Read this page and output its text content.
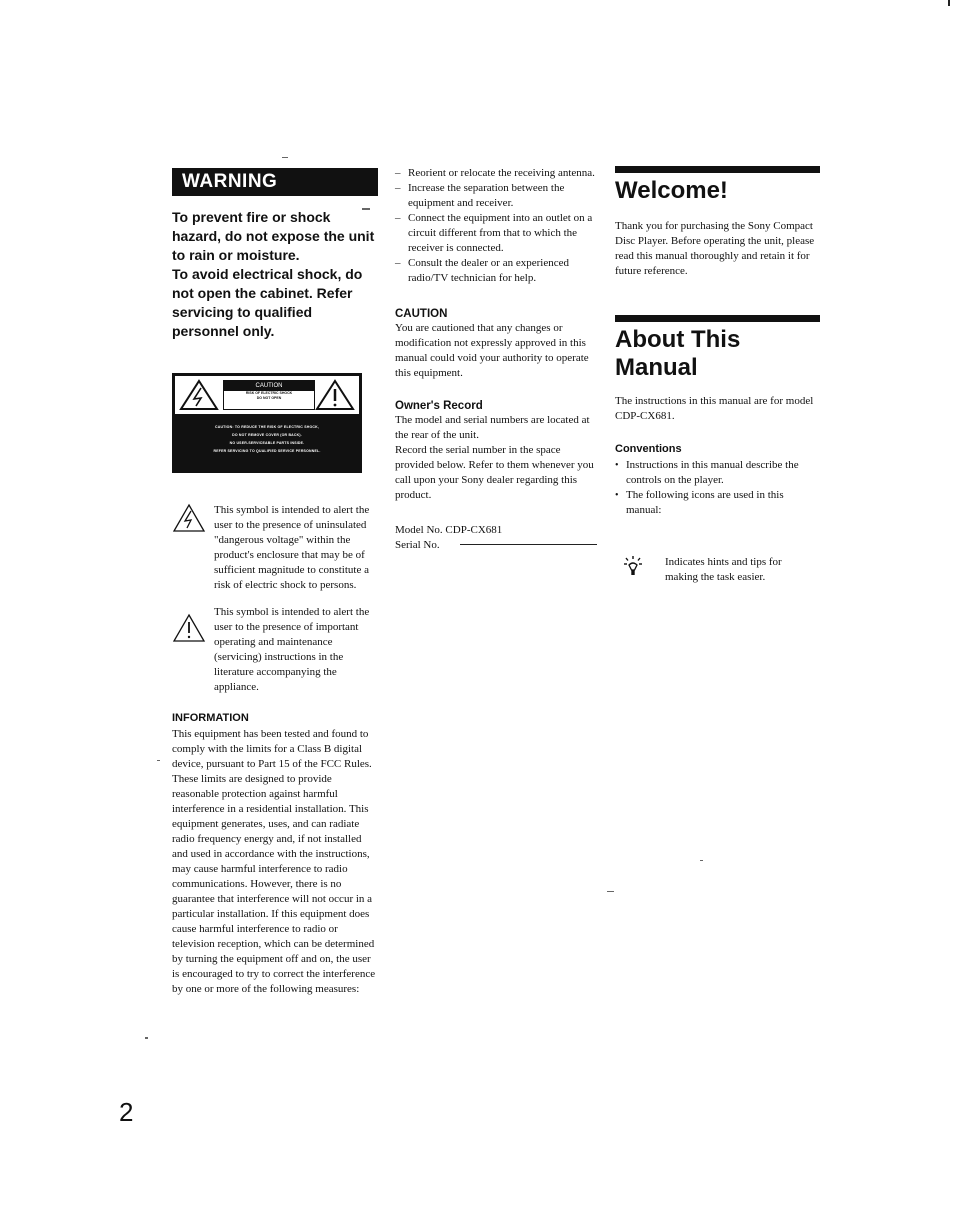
WARNING

To prevent fire or shock hazard, do not expose the unit to rain or moisture.

To avoid electrical shock, do not open the cabinet. Refer servicing to qualified personnel only.

CAUTION
RISK OF ELECTRIC SHOCK
DO NOT OPEN
CAUTION: TO REDUCE THE RISK OF ELECTRIC SHOCK,
DO NOT REMOVE COVER (OR BACK).
NO USER-SERVICEABLE PARTS INSIDE.
REFER SERVICING TO QUALIFIED SERVICE PERSONNEL.
This symbol is intended to alert the user to the presence of uninsulated "dangerous voltage" within the product's enclosure that may be of sufficient magnitude to constitute a risk of electric shock to persons.
This symbol is intended to alert the user to the presence of important operating and maintenance (servicing) instructions in the literature accompanying the appliance.
INFORMATION
This equipment has been tested and found to comply with the limits for a Class B digital device, pursuant to Part 15 of the FCC Rules. These limits are designed to provide reasonable protection against harmful interference in a residential installation. This equipment generates, uses, and can radiate radio frequency energy and, if not installed and used in accordance with the instructions, may cause harmful interference to radio communications. However, there is no guarantee that interference will not occur in a particular installation. If this equipment does cause harmful interference to radio or television reception, which can be determined by turning the equipment off and on, the user is encouraged to try to correct the interference by one or more of the following measures:
– Reorient or relocate the receiving antenna.
– Increase the separation between the equipment and receiver.
– Connect the equipment into an outlet on a circuit different from that to which the receiver is connected.
– Consult the dealer or an experienced radio/TV technician for help.
CAUTION
You are cautioned that any changes or modification not expressly approved in this manual could void your authority to operate this equipment.
Owner's Record
The model and serial numbers are located at the rear of the unit.
Record the serial number in the space provided below. Refer to them whenever you call upon your Sony dealer regarding this product.
Model No. CDP-CX681
Serial No.
Welcome!
Thank you for purchasing the Sony Compact Disc Player. Before operating the unit, please read this manual thoroughly and retain it for future reference.
About This Manual
The instructions in this manual are for model CDP-CX681.
Conventions
• Instructions in this manual describe the controls on the player.
• The following icons are used in this manual:
Indicates hints and tips for making the task easier.
2
